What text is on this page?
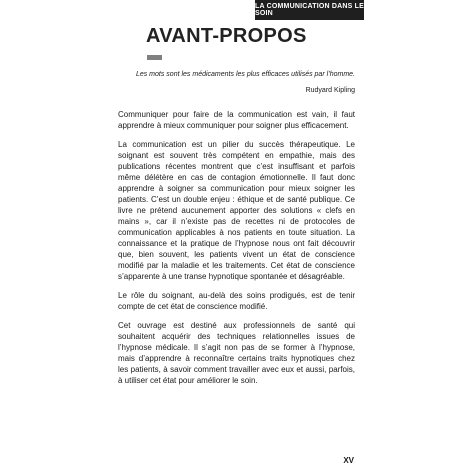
LA COMMUNICATION DANS LE SOIN
AVANT-PROPOS
Les mots sont les médicaments les plus efficaces utilisés par l’homme.
Rudyard Kipling

Communiquer pour faire de la communication est vain, il faut apprendre à mieux communiquer pour soigner plus efficacement.

La communication est un pilier du succès thérapeutique. Le soignant est souvent très compétent en empathie, mais des publications récentes montrent que c’est insuffisant et parfois même délétère en cas de contagion émotionnelle. Il faut donc apprendre à soigner sa communication pour mieux soigner les patients. C’est un double enjeu : éthique et de santé publique. Ce livre ne prétend aucunement apporter des solutions « clefs en mains », car il n’existe pas de recettes ni de protocoles de communication applicables à nos patients en toute situation. La connaissance et la pratique de l’hypnose nous ont fait découvrir que, bien souvent, les patients vivent un état de conscience modifié par la maladie et les traitements. Cet état de conscience s’apparente à une transe hypnotique spontanée et désagréable.

Le rôle du soignant, au-delà des soins prodigués, est de tenir compte de cet état de conscience modifié.

Cet ouvrage est destiné aux professionnels de santé qui souhaitent acquérir des techniques relationnelles issues de l’hypnose médicale. Il s’agit non pas de se former à l’hypnose, mais d’apprendre à reconnaître certains traits hypnotiques chez les patients, à savoir comment travailler avec eux et aussi, parfois, à utiliser cet état pour améliorer le soin.

XV
